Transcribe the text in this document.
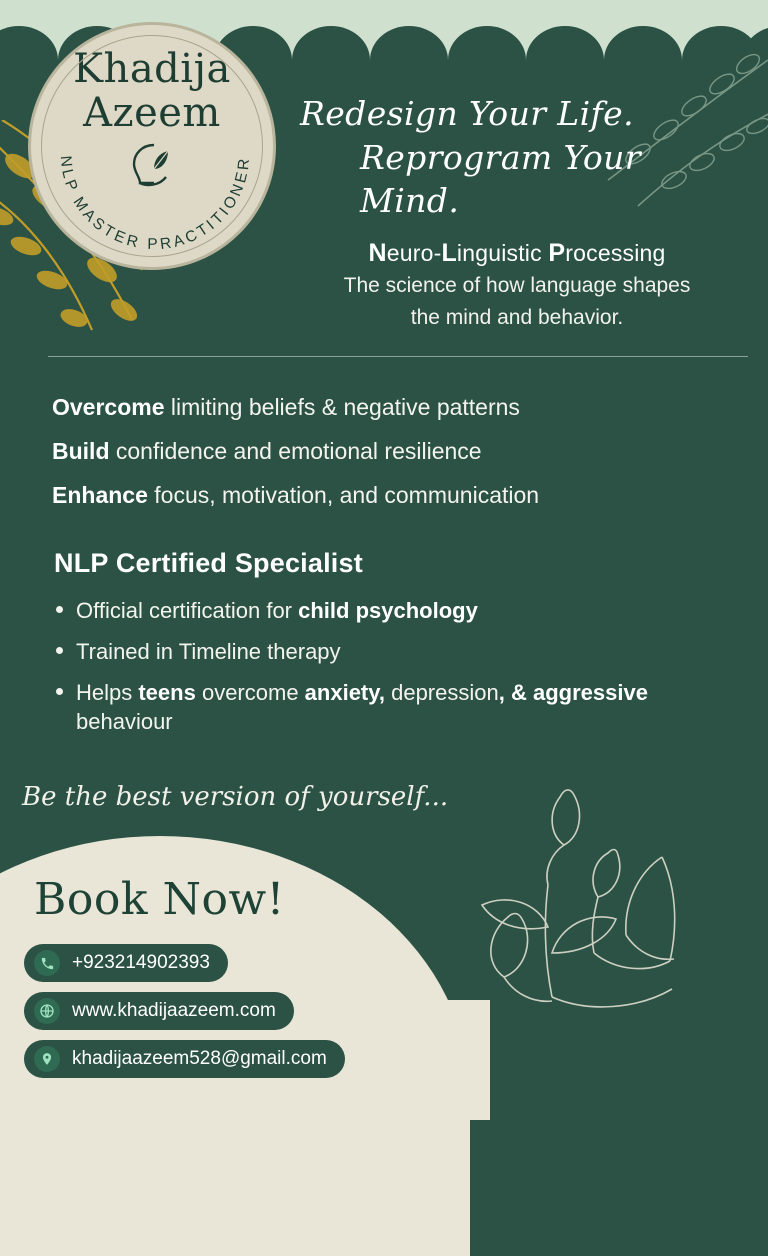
Khadija
Azeem
NLP MASTER PRACTITIONER
Redesign Your Life.
Reprogram Your Mind.
Neuro-Linguistic Processing
The science of how language shapes
the mind and behavior.
Overcome limiting beliefs & negative patterns
Build confidence and emotional resilience
Enhance focus, motivation, and communication
NLP Certified Specialist
Official certification for child psychology
Trained in Timeline therapy
Helps teens overcome anxiety, depression, & aggressive behaviour
Be the best version of yourself...
Book Now!
+923214902393
www.khadijaazeem.com
khadijaazeem528@gmail.com
